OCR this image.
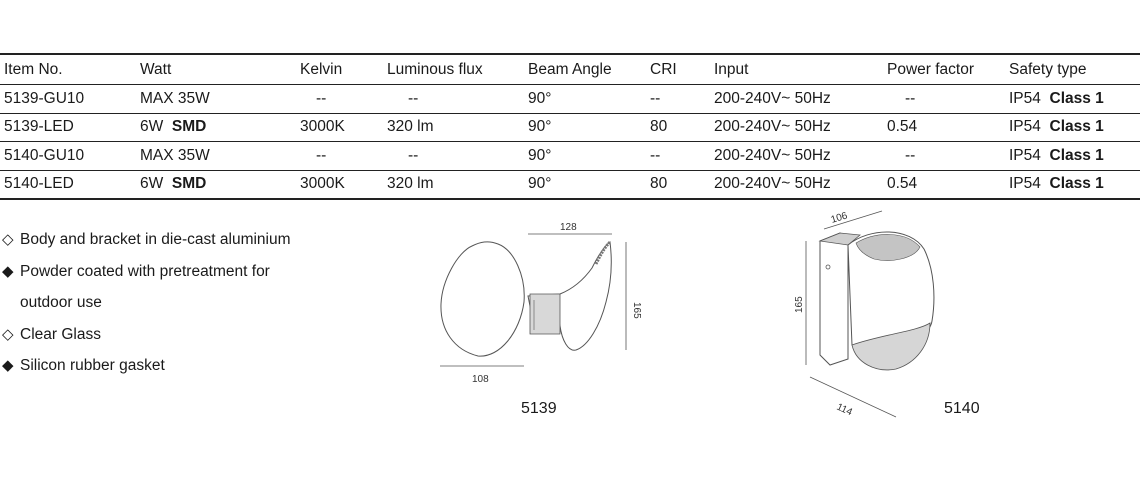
Item No.	Watt	Kelvin	Luminous flux	Beam Angle	CRI	Input	Power factor	Safety type
5139-GU10	MAX 35W	--	--	90°	--	200-240V~ 50Hz	--	IP54 Class 1
5139-LED	6W SMD	3000K	320 lm	90°	80	200-240V~ 50Hz	0.54	IP54 Class 1
5140-GU10	MAX 35W	--	--	90°	--	200-240V~ 50Hz	--	IP54 Class 1
5140-LED	6W SMD	3000K	320 lm	90°	80	200-240V~ 50Hz	0.54	IP54 Class 1
◇ Body and bracket in die-cast aluminium
◆ Powder coated with pretreatment for
outdoor use
◇ Clear Glass
◆ Silicon rubber gasket
108
128
165
5139
106
165
114	5140
